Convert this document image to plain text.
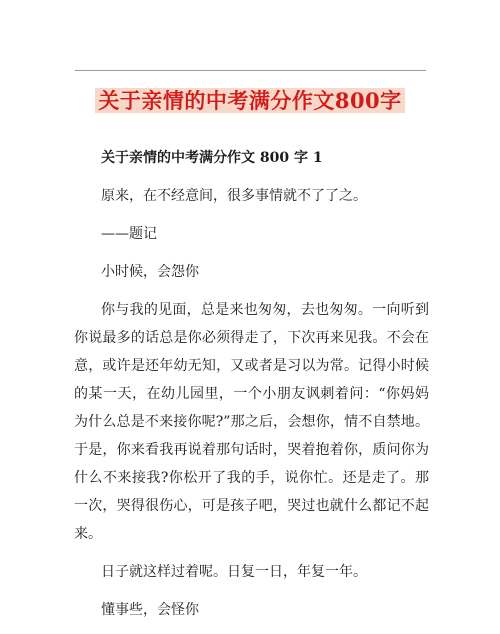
关于亲情的中考满分作文800字
关于亲情的中考满分作文 800 字 1
原来，在不经意间，很多事情就不了了之。
——题记
小时候，会怨你
你与我的见面，总是来也匆匆，去也匆匆。一向听到你说最多的话总是你必须得走了，下次再来见我。不会在意，或许是还年幼无知，又或者是习以为常。记得小时候的某一天，在幼儿园里，一个小朋友讽刺着问：“你妈妈为什么总是不来接你呢?”那之后，会想你，情不自禁地。于是，你来看我再说着那句话时，哭着抱着你，质问你为什么不来接我?你松开了我的手，说你忙。还是走了。那一次，哭得很伤心，可是孩子吧，哭过也就什么都记不起来。
日子就这样过着呢。日复一日，年复一年。
懂事些，会怪你
